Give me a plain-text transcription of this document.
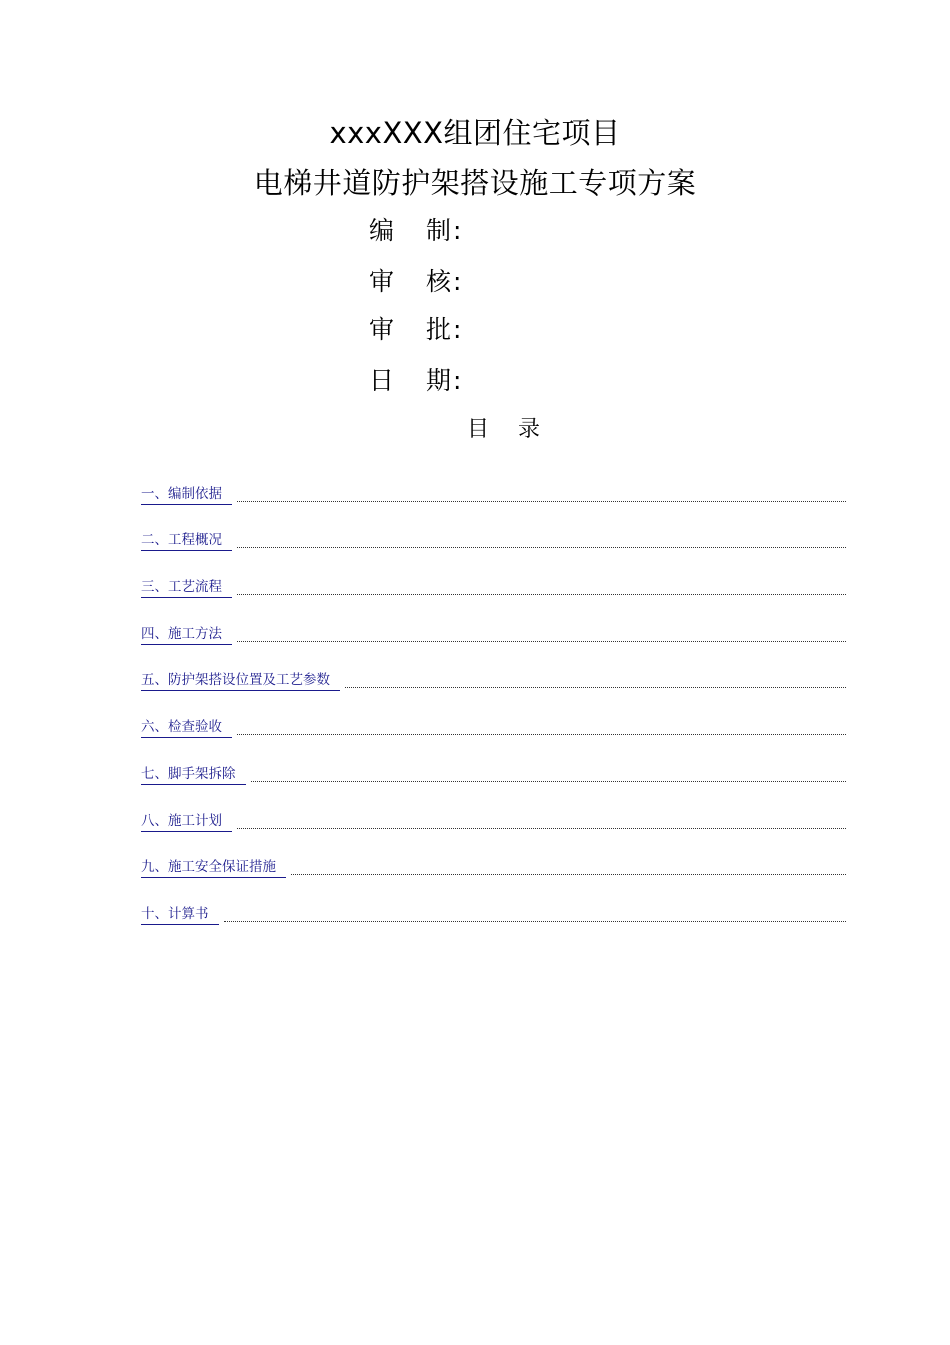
xxxXXX组团住宅项目
电梯井道防护架搭设施工专项方案
编 制 :
审 核 :
审 批 :
日 期 :
目 录
一、编制依据
二、工程概况
三、工艺流程
四、施工方法
五、防护架搭设位置及工艺参数
六、检查验收
七、脚手架拆除
八、施工计划
九、施工安全保证措施
十、计算书
